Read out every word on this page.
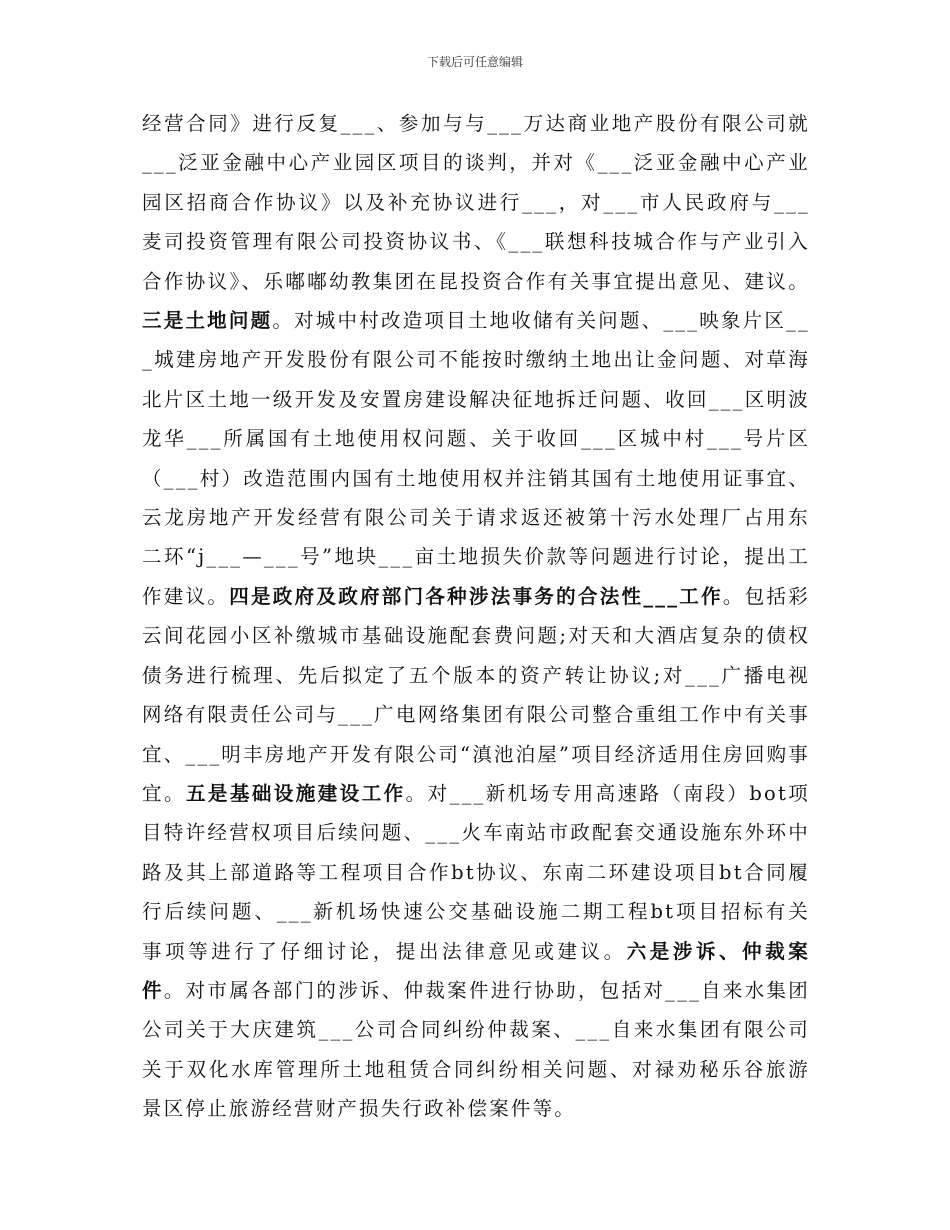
下载后可任意编辑
经营合同》进行反复___、参加与与___万达商业地产股份有限公司就___泛亚金融中心产业园区项目的谈判，并对《___泛亚金融中心产业园区招商合作协议》以及补充协议进行___，对___市人民政府与___麦司投资管理有限公司投资协议书、《___联想科技城合作与产业引入合作协议》、乐嘟嘟幼教集团在昆投资合作有关事宜提出意见、建议。三是土地问题。对城中村改造项目土地收储有关问题、___映象片区___城建房地产开发股份有限公司不能按时缴纳土地出让金问题、对草海北片区土地一级开发及安置房建设解决征地拆迁问题、收回___区明波龙华___所属国有土地使用权问题、关于收回___区城中村___号片区（___村）改造范围内国有土地使用权并注销其国有土地使用证事宜、云龙房地产开发经营有限公司关于请求返还被第十污水处理厂占用东二环“j___—___号”地块___亩土地损失价款等问题进行讨论，提出工作建议。四是政府及政府部门各种涉法事务的合法性___工作。包括彩云间花园小区补缴城市基础设施配套费问题;对天和大酒店复杂的债权债务进行梳理、先后拟定了五个版本的资产转让协议;对___广播电视网络有限责任公司与___广电网络集团有限公司整合重组工作中有关事宜、___明丰房地产开发有限公司“滇池泊屋”项目经济适用住房回购事宜。五是基础设施建设工作。对___新机场专用高速路（南段）bot项目特许经营权项目后续问题、___火车南站市政配套交通设施东外环中路及其上部道路等工程项目合作bt协议、东南二环建设项目bt合同履行后续问题、___新机场快速公交基础设施二期工程bt项目招标有关事项等进行了仔细讨论，提出法律意见或建议。六是涉诉、仲裁案件。对市属各部门的涉诉、仲裁案件进行协助，包括对___自来水集团公司关于大庆建筑___公司合同纠纷仲裁案、___自来水集团有限公司关于双化水库管理所土地租赁合同纠纷相关问题、对禄劝秘乐谷旅游景区停止旅游经营财产损失行政补偿案件等。
